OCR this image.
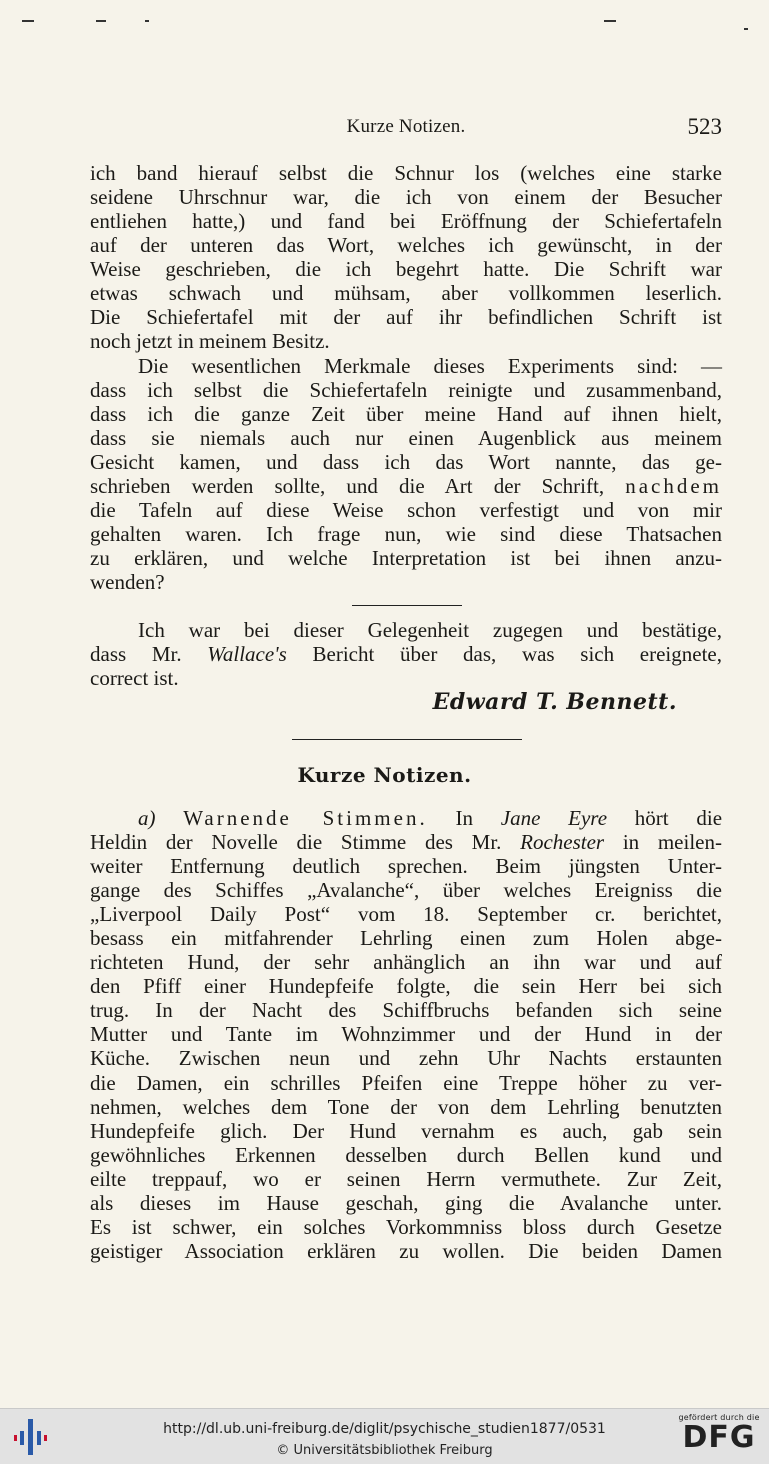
Kurze Notizen.	523
ich band hierauf selbst die Schnur los (welches eine starke
seidene Uhrschnur war, die ich von einem der Besucher
entliehen hatte,) und fand bei Eröffnung der Schiefertafeln
auf der unteren das Wort, welches ich gewünscht, in der
Weise geschrieben, die ich begehrt hatte. Die Schrift war
etwas schwach und mühsam, aber vollkommen leserlich.
Die Schiefertafel mit der auf ihr befindlichen Schrift ist
noch jetzt in meinem Besitz.
Die wesentlichen Merkmale dieses Experiments sind: —
dass ich selbst die Schiefertafeln reinigte und zusammenband,
dass ich die ganze Zeit über meine Hand auf ihnen hielt,
dass sie niemals auch nur einen Augenblick aus meinem
Gesicht kamen, und dass ich das Wort nannte, das ge-
schrieben werden sollte, und die Art der Schrift, nachdem
die Tafeln auf diese Weise schon verfestigt und von mir
gehalten waren. Ich frage nun, wie sind diese Thatsachen
zu erklären, und welche Interpretation ist bei ihnen anzu-
wenden?
Ich war bei dieser Gelegenheit zugegen und bestätige,
dass Mr. Wallace's Bericht über das, was sich ereignete,
correct ist.
Edward T. Bennett.
Kurze Notizen.
a) Warnende Stimmen. In Jane Eyre hört die
Heldin der Novelle die Stimme des Mr. Rochester in meilen-
weiter Entfernung deutlich sprechen. Beim jüngsten Unter-
gange des Schiffes „Avalanche“, über welches Ereigniss die
„Liverpool Daily Post“ vom 18. September cr. berichtet,
besass ein mitfahrender Lehrling einen zum Holen abge-
richteten Hund, der sehr anhänglich an ihn war und auf
den Pfiff einer Hundepfeife folgte, die sein Herr bei sich
trug. In der Nacht des Schiffbruchs befanden sich seine
Mutter und Tante im Wohnzimmer und der Hund in der
Küche. Zwischen neun und zehn Uhr Nachts erstaunten
die Damen, ein schrilles Pfeifen eine Treppe höher zu ver-
nehmen, welches dem Tone der von dem Lehrling benutzten
Hundepfeife glich. Der Hund vernahm es auch, gab sein
gewöhnliches Erkennen desselben durch Bellen kund und
eilte treppauf, wo er seinen Herrn vermuthete. Zur Zeit,
als dieses im Hause geschah, ging die Avalanche unter.
Es ist schwer, ein solches Vorkommniss bloss durch Gesetze
geistiger Association erklären zu wollen. Die beiden Damen
http://dl.ub.uni-freiburg.de/diglit/psychische_studien1877/0531
© Universitätsbibliothek Freiburg
gefördert durch die
DFG
